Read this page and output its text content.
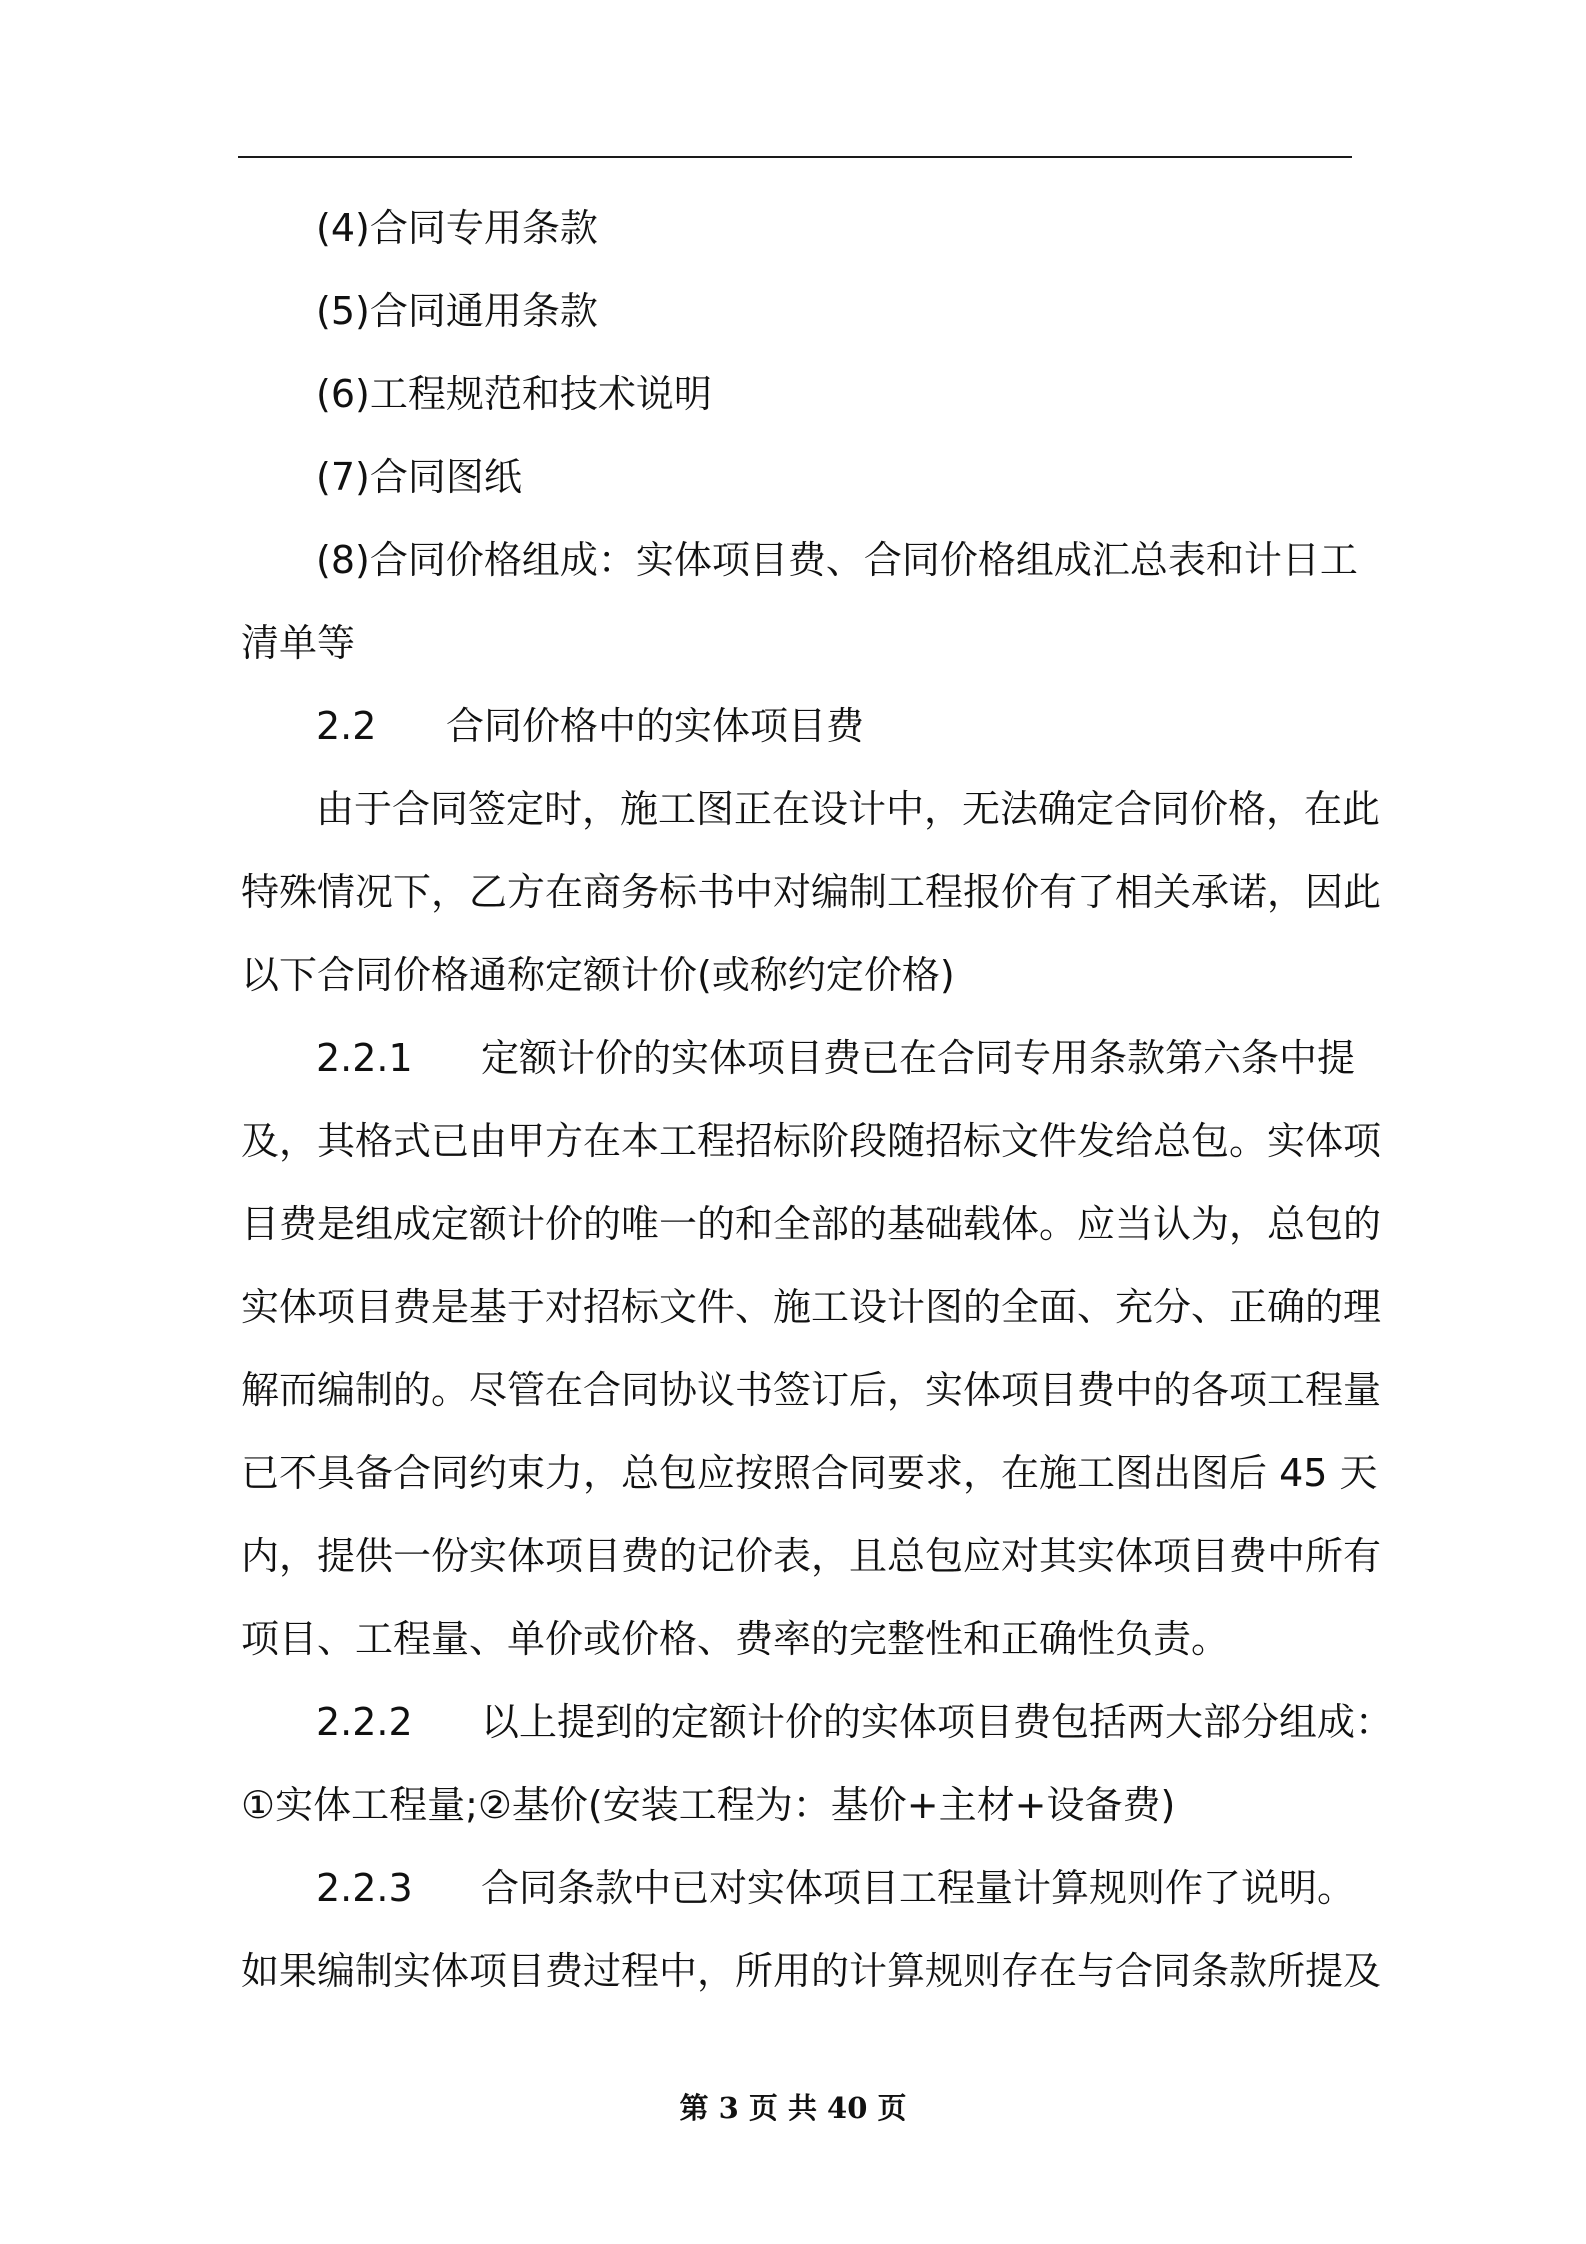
(4)合同专用条款
(5)合同通用条款
(6)工程规范和技术说明
(7)合同图纸
(8)合同价格组成：实体项目费、合同价格组成汇总表和计日工
清单等
2.2 合同价格中的实体项目费
由于合同签定时，施工图正在设计中，无法确定合同价格，在此
特殊情况下，乙方在商务标书中对编制工程报价有了相关承诺，因此
以下合同价格通称定额计价(或称约定价格)
2.2.1 定额计价的实体项目费已在合同专用条款第六条中提
及，其格式已由甲方在本工程招标阶段随招标文件发给总包。实体项
目费是组成定额计价的唯一的和全部的基础载体。应当认为，总包的
实体项目费是基于对招标文件、施工设计图的全面、充分、正确的理
解而编制的。尽管在合同协议书签订后，实体项目费中的各项工程量
已不具备合同约束力，总包应按照合同要求，在施工图出图后 45 天
内，提供一份实体项目费的记价表，且总包应对其实体项目费中所有
项目、工程量、单价或价格、费率的完整性和正确性负责。
2.2.2 以上提到的定额计价的实体项目费包括两大部分组成：
①实体工程量;②基价(安装工程为：基价+主材+设备费)
2.2.3 合同条款中已对实体项目工程量计算规则作了说明。
如果编制实体项目费过程中，所用的计算规则存在与合同条款所提及
第 3 页 共 40 页
